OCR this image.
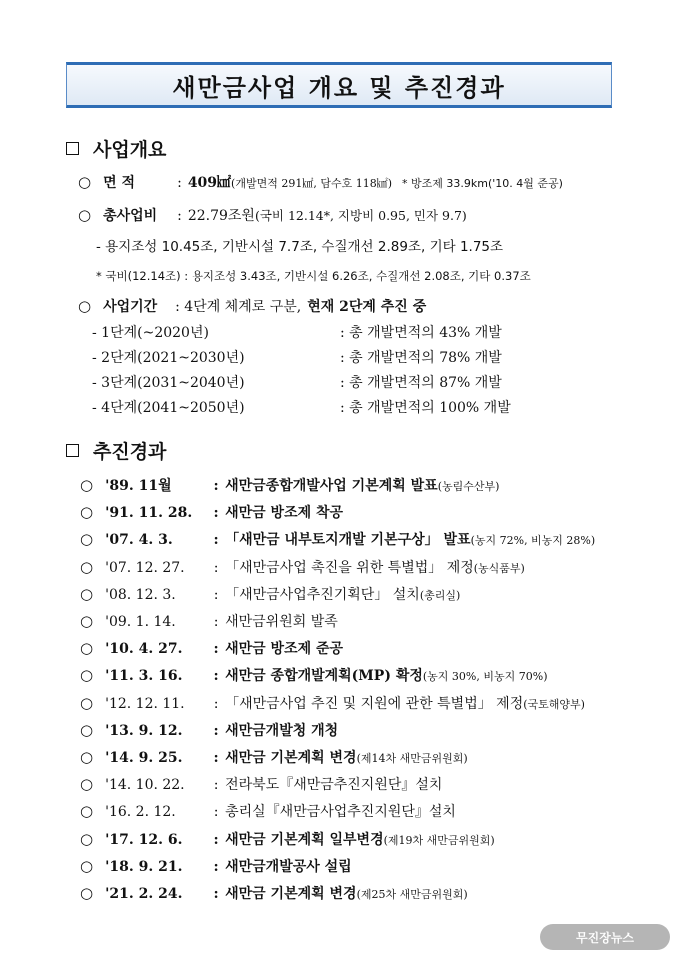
새만금사업 개요 및 추진경과
사업개요
○ 면 적	: 409㎢ (개발면적 291㎢, 담수호 118㎢) * 방조제 33.9km('10. 4월 준공)
○ 총사업비	: 22.79조원 (국비 12.14*, 지방비 0.95, 민자 9.7)
- 용지조성 10.45조, 기반시설 7.7조, 수질개선 2.89조, 기타 1.75조
* 국비(12.14조) : 용지조성 3.43조, 기반시설 6.26조, 수질개선 2.08조, 기타 0.37조
○ 사업기간	: 4단계 체계로 구분, 현재 2단계 추진 중
- 1단계(~2020년)	: 총 개발면적의 43% 개발
- 2단계(2021~2030년)	: 총 개발면적의 78% 개발
- 3단계(2031~2040년)	: 총 개발면적의 87% 개발
- 4단계(2041~2050년)	: 총 개발면적의 100% 개발
추진경과
○ '89. 11월	: 새만금종합개발사업 기본계획 발표 (농림수산부)
○ '91. 11. 28.	: 새만금 방조제 착공
○ '07. 4. 3.	: 「새만금 내부토지개발 기본구상」 발표 (농지 72%, 비농지 28%)
○ '07. 12. 27.	: 「새만금사업 촉진을 위한 특별법」 제정 (농식품부)
○ '08. 12. 3.	: 「새만금사업추진기획단」 설치 (총리실)
○ '09. 1. 14.	: 새만금위원회 발족
○ '10. 4. 27.	: 새만금 방조제 준공
○ '11. 3. 16.	: 새만금 종합개발계획(MP) 확정 (농지 30%, 비농지 70%)
○ '12. 12. 11.	: 「새만금사업 추진 및 지원에 관한 특별법」 제정 (국토해양부)
○ '13. 9. 12.	: 새만금개발청 개청
○ '14. 9. 25.	: 새만금 기본계획 변경 (제14차 새만금위원회)
○ '14. 10. 22.	: 전라북도『새만금추진지원단』설치
○ '16. 2. 12.	: 총리실『새만금사업추진지원단』설치
○ '17. 12. 6.	: 새만금 기본계획 일부변경 (제19차 새만금위원회)
○ '18. 9. 21.	: 새만금개발공사 설립
○ '21. 2. 24.	: 새만금 기본계획 변경 (제25차 새만금위원회)
무진장뉴스
